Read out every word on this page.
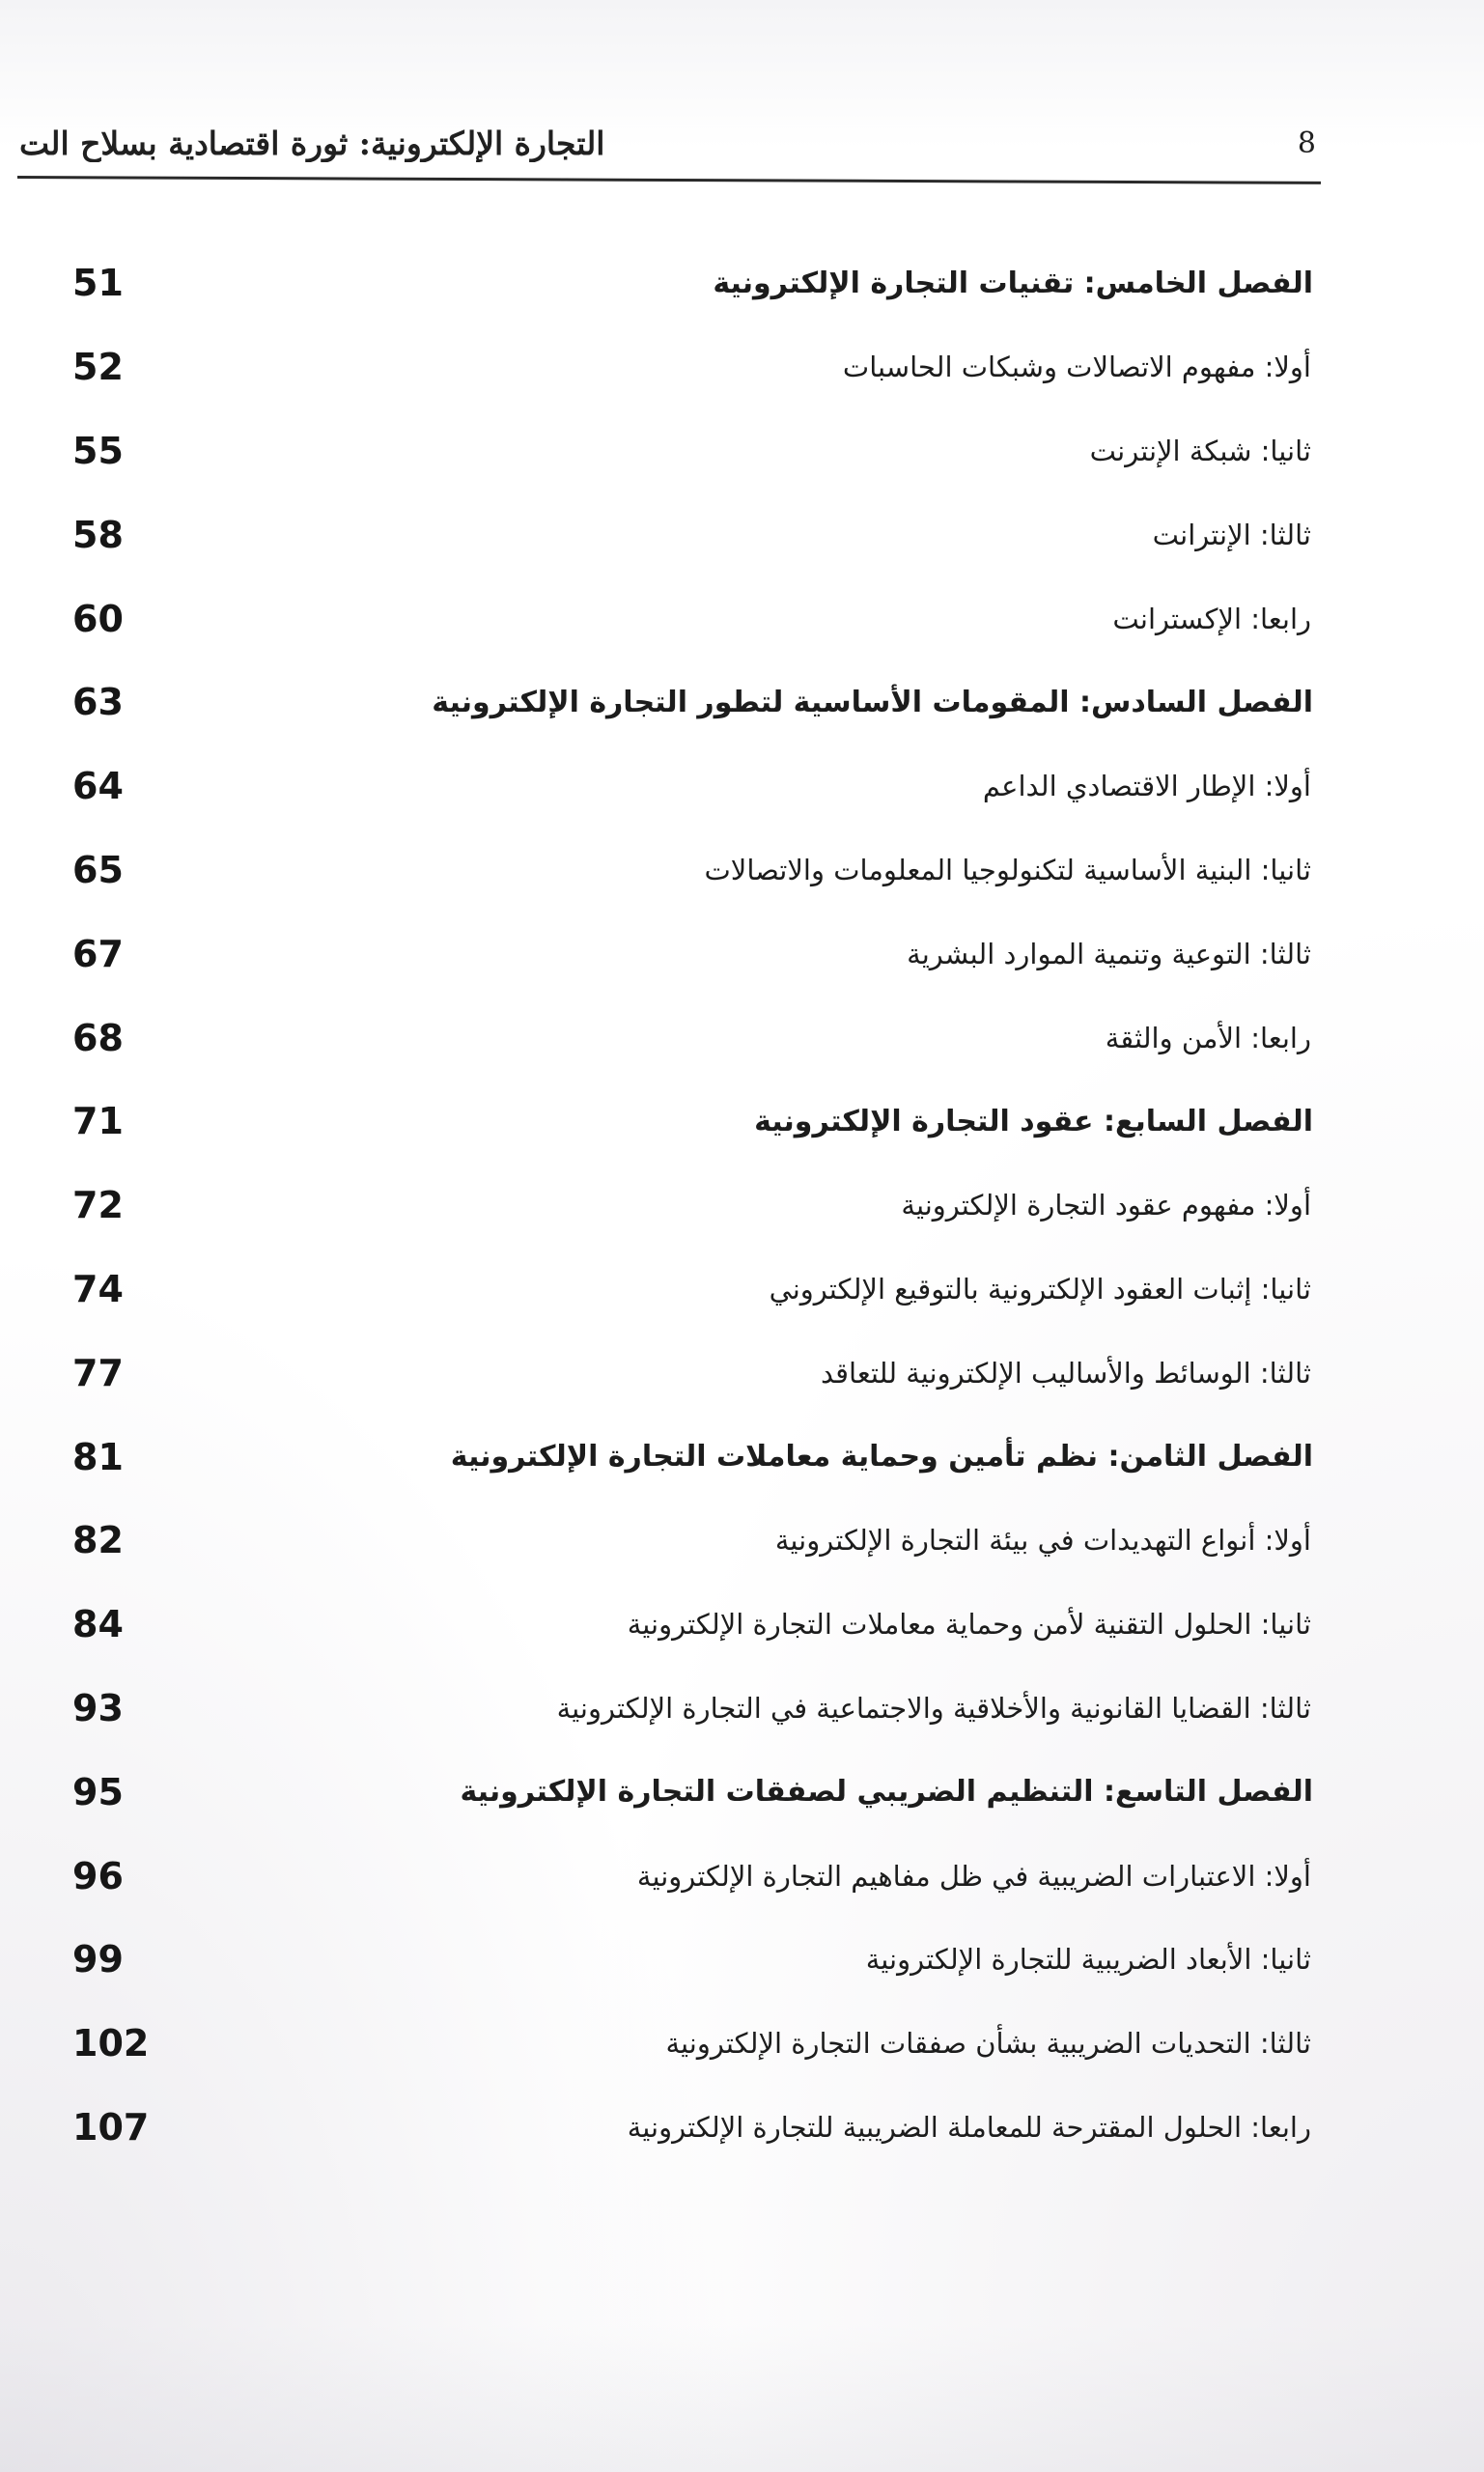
8
التجارة الإلكترونية: ثورة اقتصادية بسلاح الت
51	الفصل الخامس: تقنيات التجارة الإلكترونية
52	أولا: مفهوم الاتصالات وشبكات الحاسبات
55	ثانيا: شبكة الإنترنت
58	ثالثا: الإنترانت
60	رابعا: الإكسترانت
63	الفصل السادس: المقومات الأساسية لتطور التجارة الإلكترونية
64	أولا: الإطار الاقتصادي الداعم
65	ثانيا: البنية الأساسية لتكنولوجيا المعلومات والاتصالات
67	ثالثا: التوعية وتنمية الموارد البشرية
68	رابعا: الأمن والثقة
71	الفصل السابع: عقود التجارة الإلكترونية
72	أولا: مفهوم عقود التجارة الإلكترونية
74	ثانيا: إثبات العقود الإلكترونية بالتوقيع الإلكتروني
77	ثالثا: الوسائط والأساليب الإلكترونية للتعاقد
81	الفصل الثامن: نظم تأمين وحماية معاملات التجارة الإلكترونية
82	أولا: أنواع التهديدات في بيئة التجارة الإلكترونية
84	ثانيا: الحلول التقنية لأمن وحماية معاملات التجارة الإلكترونية
93	ثالثا: القضايا القانونية والأخلاقية والاجتماعية في التجارة الإلكترونية
95	الفصل التاسع: التنظيم الضريبي لصفقات التجارة الإلكترونية
96	أولا: الاعتبارات الضريبية في ظل مفاهيم التجارة الإلكترونية
99	ثانيا: الأبعاد الضريبية للتجارة الإلكترونية
102	ثالثا: التحديات الضريبية بشأن صفقات التجارة الإلكترونية
107	رابعا: الحلول المقترحة للمعاملة الضريبية للتجارة الإلكترونية
